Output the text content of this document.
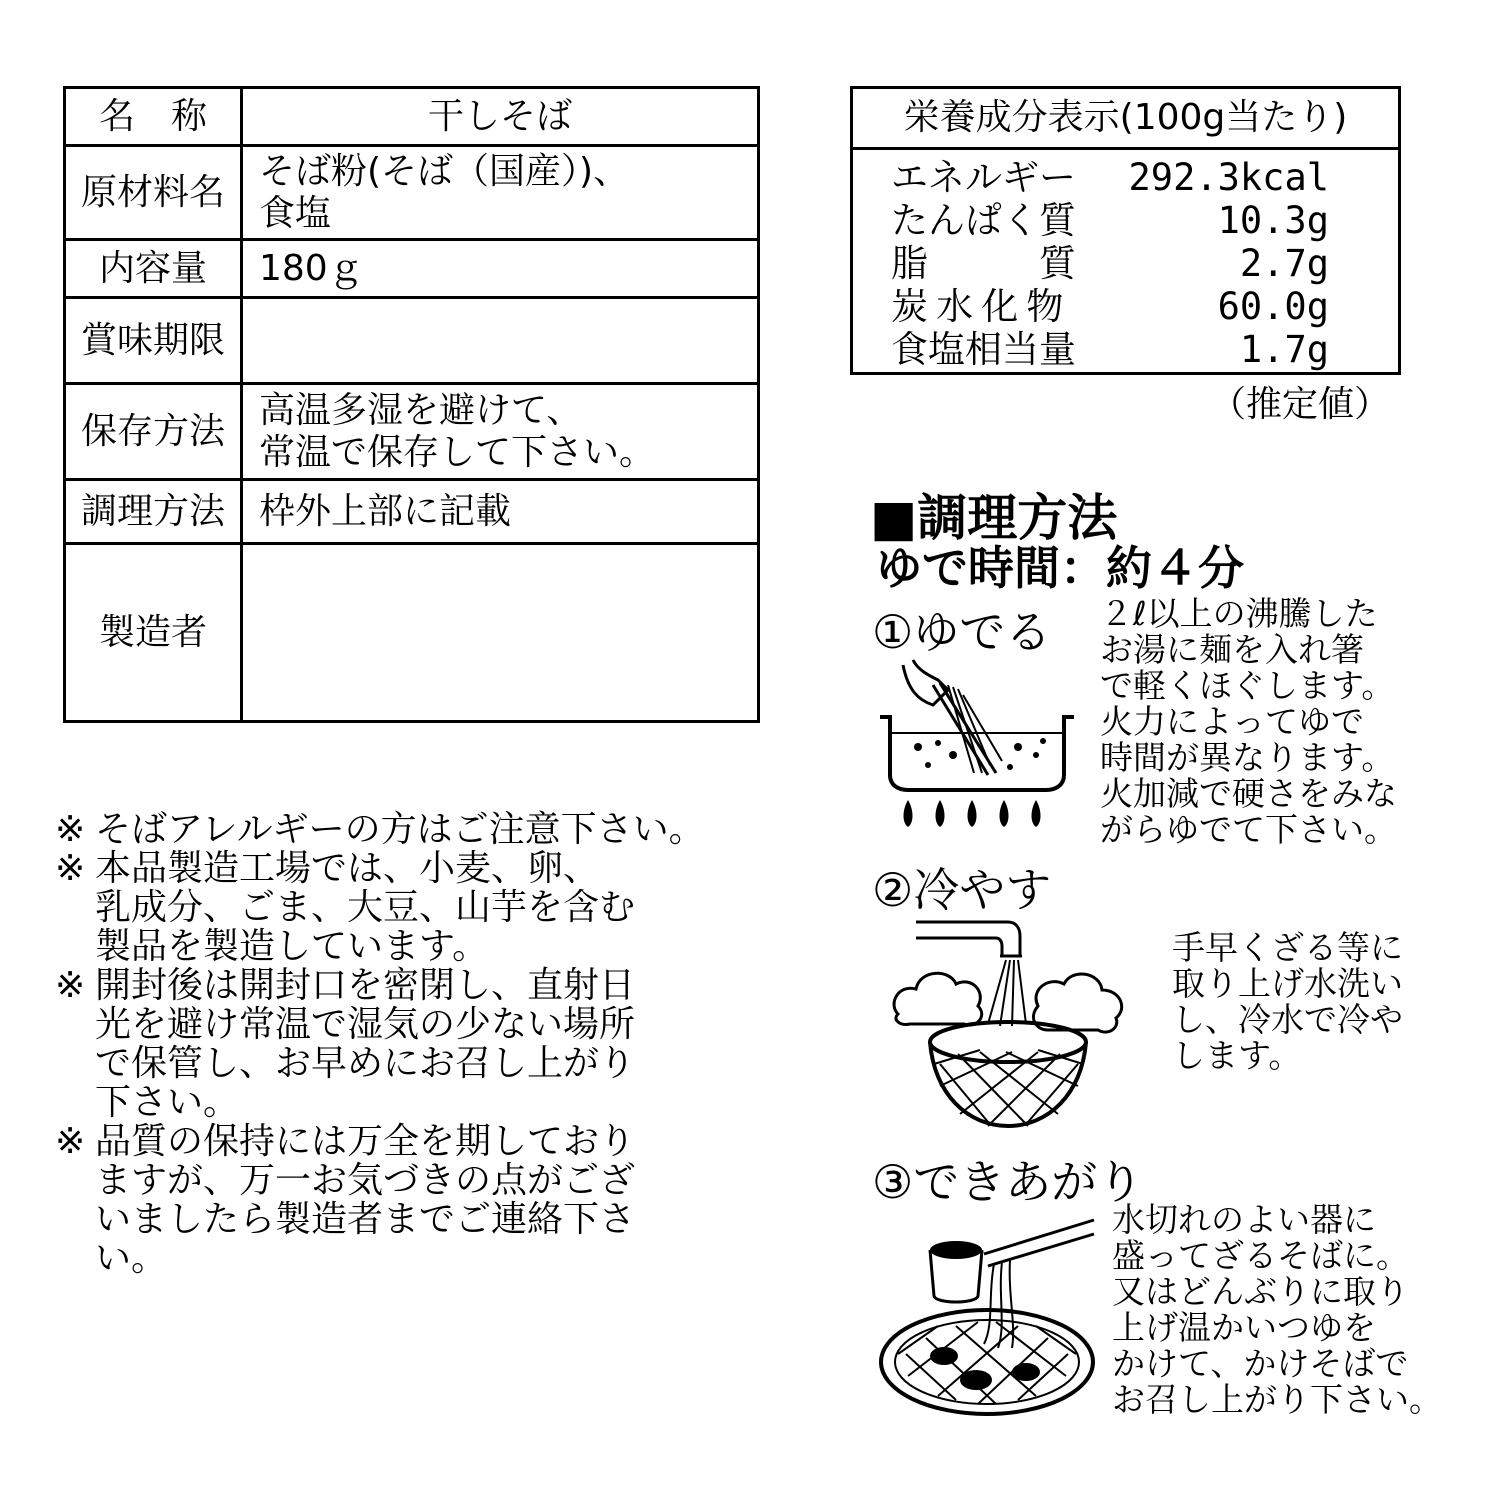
名　称	干しそば
原材料名	そば粉(そば（国産）)、
食塩
内容量	180ｇ
賞味期限	
保存方法	高温多湿を避けて、
常温で保存して下さい。
調理方法	枠外上部に記載
製造者	
栄養成分表示(100g当たり)
エネルギー	292.3kcal
たんぱく質	10.3g
脂　　　質	2.7g
炭水化物	60.0g
食塩相当量	1.7g
（推定値）
※ そばアレルギーの方はご注意下さい。
※ 本品製造工場では、小麦、卵、
乳成分、ごま、大豆、山芋を含む
製品を製造しています。
※ 開封後は開封口を密閉し、直射日
光を避け常温で湿気の少ない場所
で保管し、お早めにお召し上がり
下さい。
※ 品質の保持には万全を期しており
ますが、万一お気づきの点がござ
いましたら製造者までご連絡下さ
い。
■調理方法
ゆで時間：約４分
①ゆでる ２ℓ以上の沸騰した
お湯に麺を入れ箸
で軽くほぐします。
火力によってゆで
時間が異なります。
火加減で硬さをみな
がらゆでて下さい。
②冷やす
手早くざる等に
取り上げ水洗い
し、冷水で冷や
します。
③できあがり
水切れのよい器に
盛ってざるそばに。
又はどんぶりに取り
上げ温かいつゆを
かけて、かけそばで
お召し上がり下さい。
